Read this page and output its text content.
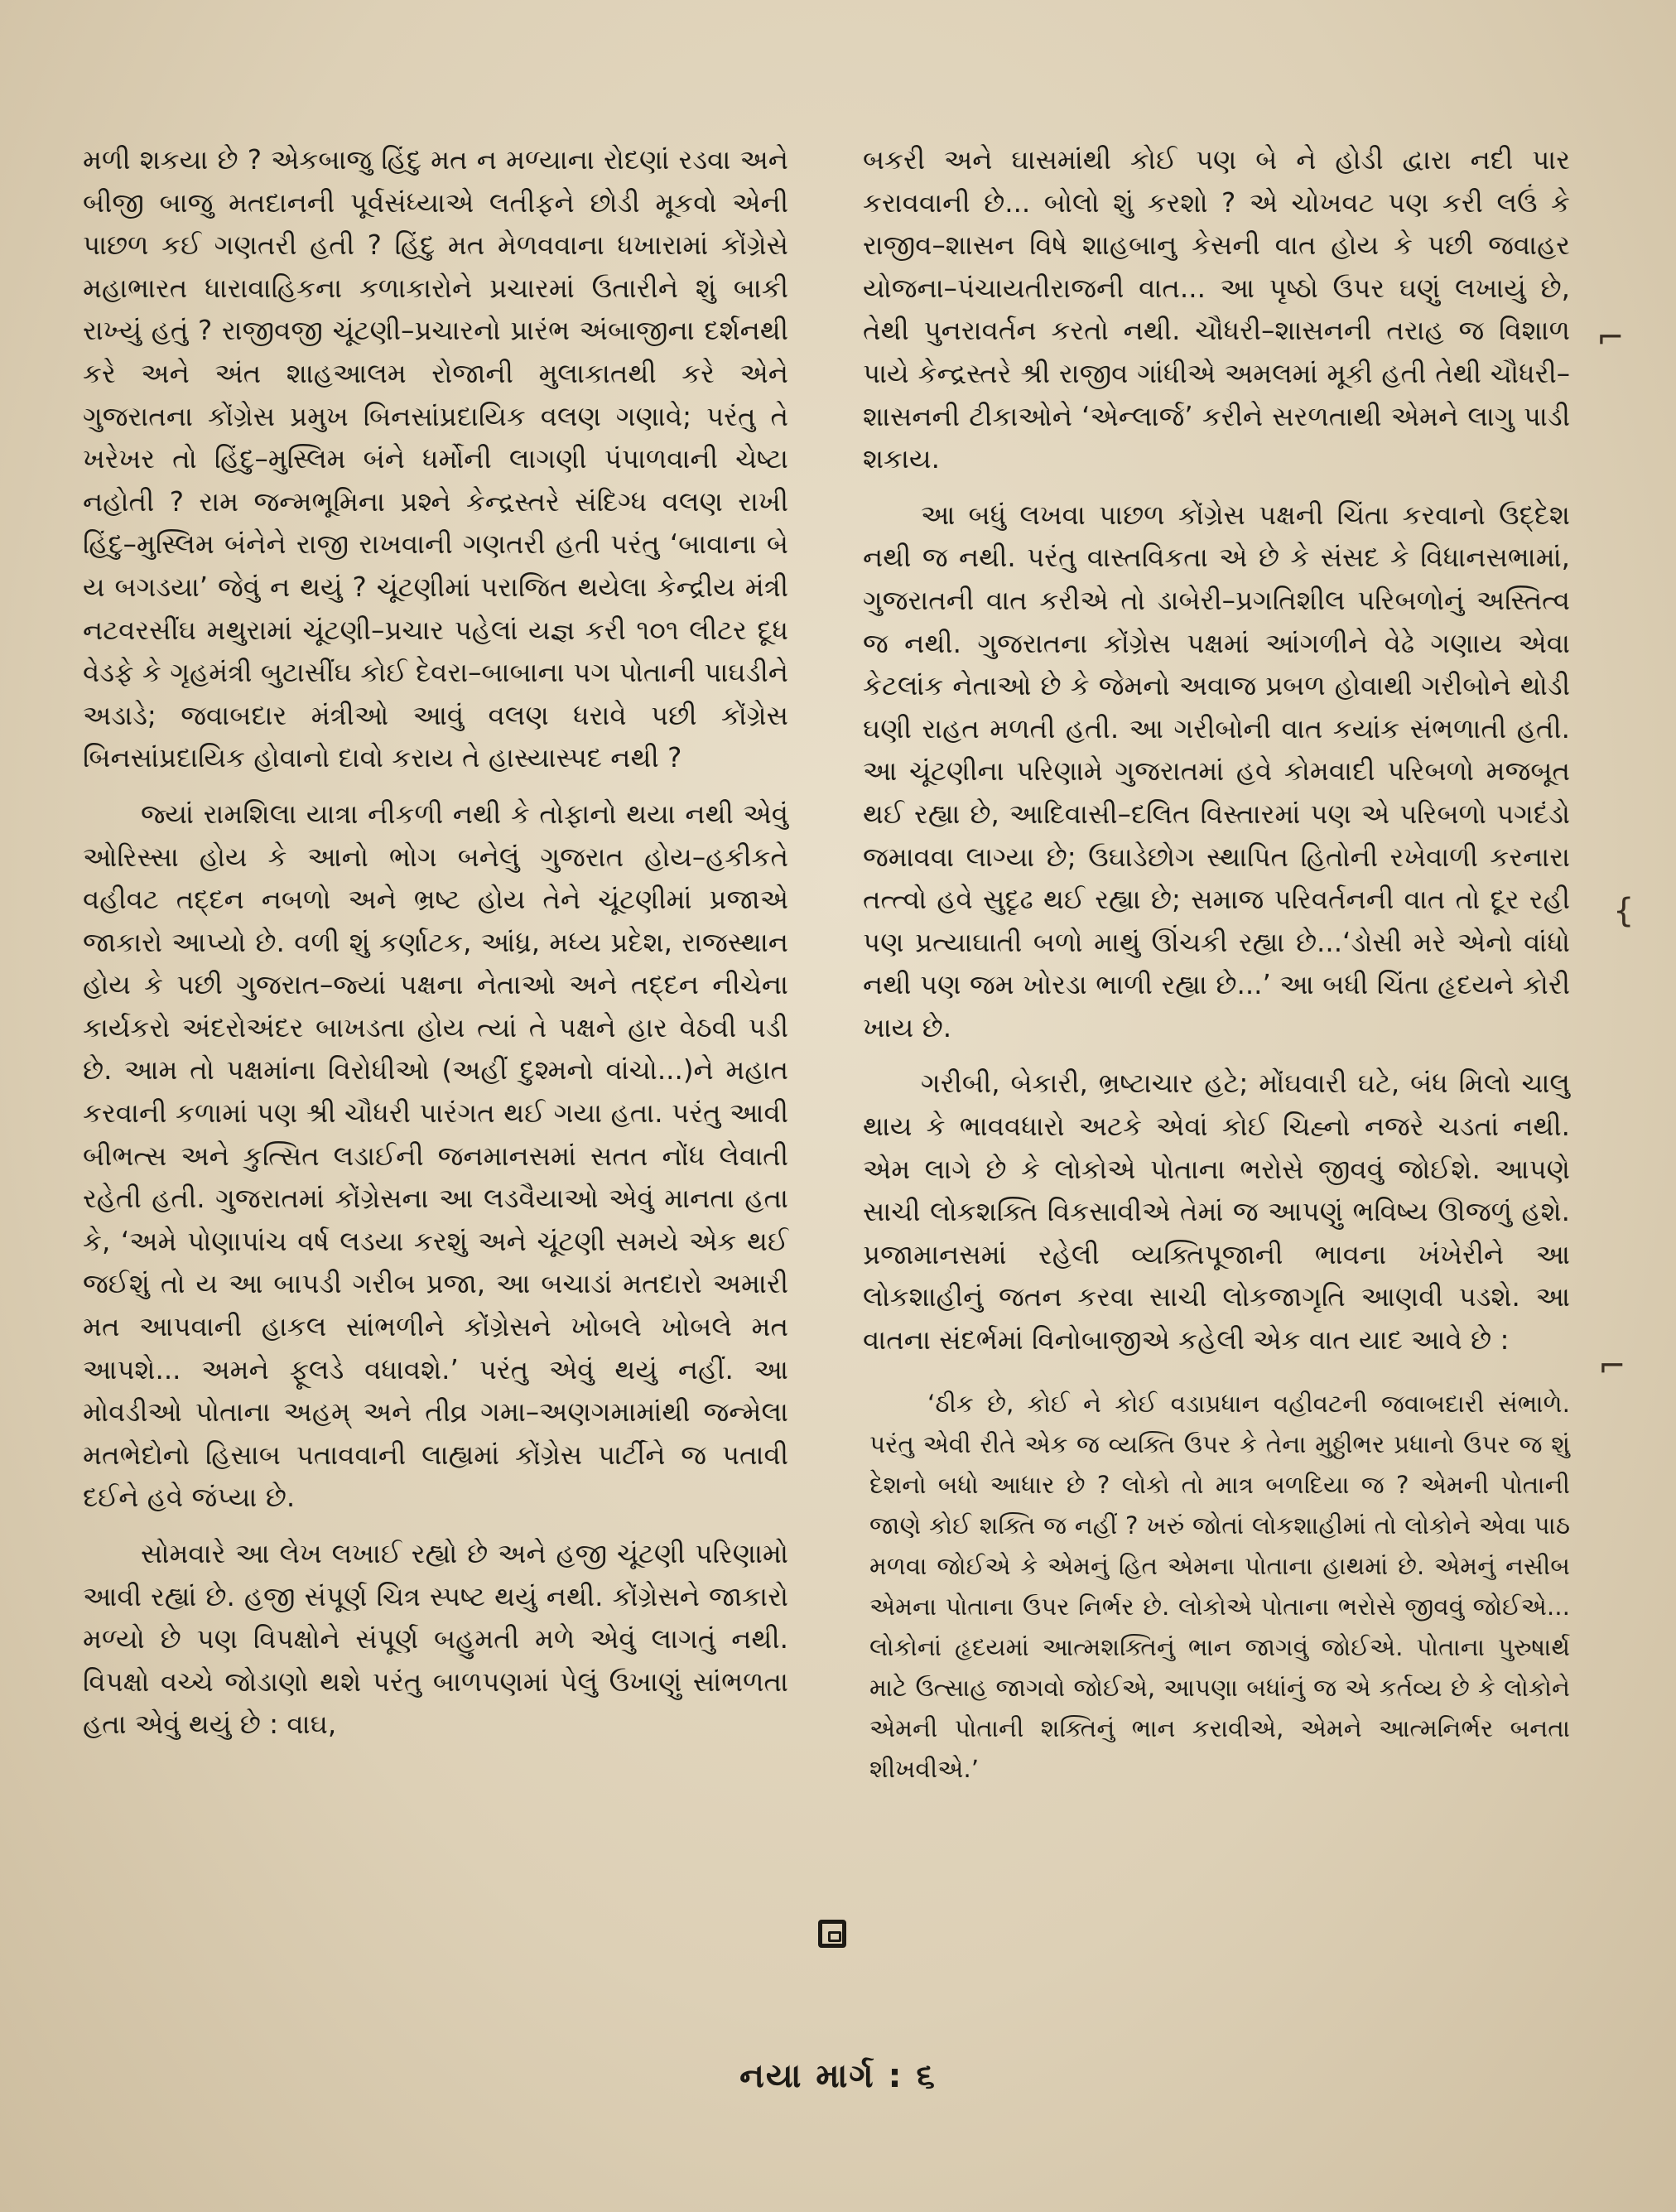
મળી શકયા છે ? એકબાજુ હિંદુ મત ન મળ્યાના રોદણાં રડવા અને બીજી બાજુ મતદાનની પૂર્વસંધ્યાએ લતીફને છોડી મૂકવો એની પાછળ કઈ ગણતરી હતી ? હિંદુ મત મેળવવાના ધખારામાં કોંગ્રેસે મહાભારત ધારાવાહિકના કળાકારોને પ્રચારમાં ઉતારીને શું બાકી રાખ્યું હતું ? રાજીવજી ચૂંટણી–પ્રચારનો પ્રારંભ અંબાજીના દર્શનથી કરે અને અંત શાહઆલમ રોજાની મુલાકાતથી કરે એને ગુજરાતના કોંગ્રેસ પ્રમુખ બિનસાંપ્રદાયિક વલણ ગણાવે; પરંતુ તે ખરેખર તો હિંદુ–મુસ્લિમ બંને ધર્મોની લાગણી પંપાળવાની ચેષ્ટા નહોતી ? રામ જન્મભૂમિના પ્રશ્ને કેન્દ્રસ્તરે સંદિગ્ધ વલણ રાખી હિંદુ–મુસ્લિમ બંનેને રાજી રાખવાની ગણતરી હતી પરંતુ ‘બાવાના બે ય બગડયા’ જેવું ન થયું ? ચૂંટણીમાં પરાજિત થયેલા કેન્દ્રીય મંત્રી નટવરસીંઘ મથુરામાં ચૂંટણી–પ્રચાર પહેલાં યજ્ઞ કરી ૧૦૧ લીટર દૂધ વેડફે કે ગૃહમંત્રી બુટાસીંઘ કોઈ દેવરા–બાબાના પગ પોતાની પાઘડીને અડાડે; જવાબદાર મંત્રીઓ આવું વલણ ધરાવે પછી કોંગ્રેસ બિનસાંપ્રદાયિક હોવાનો દાવો કરાય તે હાસ્યાસ્પદ નથી ?

જ્યાં રામશિલા યાત્રા નીકળી નથી કે તોફાનો થયા નથી એવું ઓરિસ્સા હોય કે આનો ભોગ બનેલું ગુજરાત હોય–હકીકતે વહીવટ તદ્દન નબળો અને ભ્રષ્ટ હોય તેને ચૂંટણીમાં પ્રજાએ જાકારો આપ્યો છે. વળી શું કર્ણાટક, આંધ્ર, મધ્ય પ્રદેશ, રાજસ્થાન હોય કે પછી ગુજરાત–જ્યાં પક્ષના નેતાઓ અને તદ્દન નીચેના કાર્યકરો અંદરોઅંદર બાખડતા હોય ત્યાં તે પક્ષને હાર વેઠવી પડી છે. આમ તો પક્ષમાંના વિરોધીઓ (અહીં દુશ્મનો વાંચો...)ને મહાત કરવાની કળામાં પણ શ્રી ચૌધરી પારંગત થઈ ગયા હતા. પરંતુ આવી બીભત્સ અને કુત્સિત લડાઈની જનમાનસમાં સતત નોંધ લેવાતી રહેતી હતી. ગુજરાતમાં કોંગ્રેસના આ લડવૈયાઓ એવું માનતા હતા કે, ‘અમે પોણાપાંચ વર્ષ લડયા કરશું અને ચૂંટણી સમયે એક થઈ જઈશું તો ય આ બાપડી ગરીબ પ્રજા, આ બચાડાં મતદારો અમારી મત આપવાની હાકલ સાંભળીને કોંગ્રેસને ખોબલે ખોબલે મત આપશે... અમને ફૂલડે વધાવશે.’ પરંતુ એવું થયું નહીં. આ મોવડીઓ પોતાના અહમ્ અને તીવ્ર ગમા–અણગમામાંથી જન્મેલા મતભેદોનો હિસાબ પતાવવાની લાહ્યમાં કોંગ્રેસ પાર્ટીને જ પતાવી દઈને હવે જંપ્યા છે.

સોમવારે આ લેખ લખાઈ રહ્યો છે અને હજી ચૂંટણી પરિણામો આવી રહ્યાં છે. હજી સંપૂર્ણ ચિત્ર સ્પષ્ટ થયું નથી. કોંગ્રેસને જાકારો મળ્યો છે પણ વિપક્ષોને સંપૂર્ણ બહુમતી મળે એવું લાગતું નથી. વિપક્ષો વચ્ચે જોડાણો થશે પરંતુ બાળપણમાં પેલું ઉખાણું સાંભળતા હતા એવું થયું છે : વાઘ,

બકરી અને ઘાસમાંથી કોઈ પણ બે ને હોડી દ્વારા નદી પાર કરાવવાની છે... બોલો શું કરશો ? એ ચોખવટ પણ કરી લઉં કે રાજીવ–શાસન વિષે શાહબાનુ કેસની વાત હોય કે પછી જવાહર યોજના–પંચાયતીરાજની વાત... આ પૃષ્ઠો ઉપર ઘણું લખાયું છે, તેથી પુનરાવર્તન કરતો નથી. ચૌધરી–શાસનની તરાહ જ વિશાળ પાયે કેન્દ્રસ્તરે શ્રી રાજીવ ગાંધીએ અમલમાં મૂકી હતી તેથી ચૌધરી–શાસનની ટીકાઓને ‘એન્લાર્જ’ કરીને સરળતાથી એમને લાગુ પાડી શકાય.

આ બધું લખવા પાછળ કોંગ્રેસ પક્ષની ચિંતા કરવાનો ઉદ્દેશ નથી જ નથી. પરંતુ વાસ્તવિકતા એ છે કે સંસદ કે વિધાનસભામાં, ગુજરાતની વાત કરીએ તો ડાબેરી–પ્રગતિશીલ પરિબળોનું અસ્તિત્વ જ નથી. ગુજરાતના કોંગ્રેસ પક્ષમાં આંગળીને વેઢે ગણાય એવા કેટલાંક નેતાઓ છે કે જેમનો અવાજ પ્રબળ હોવાથી ગરીબોને થોડી ઘણી રાહત મળતી હતી. આ ગરીબોની વાત કયાંક સંભળાતી હતી. આ ચૂંટણીના પરિણામે ગુજરાતમાં હવે કોમવાદી પરિબળો મજબૂત થઈ રહ્યા છે, આદિવાસી–દલિત વિસ્તારમાં પણ એ પરિબળો પગદંડો જમાવવા લાગ્યા છે; ઉઘાડેછોગ સ્થાપિત હિતોની રખેવાળી કરનારા તત્ત્વો હવે સુદૃઢ થઈ રહ્યા છે; સમાજ પરિવર્તનની વાત તો દૂર રહી પણ પ્રત્યાઘાતી બળો માથું ઊંચકી રહ્યા છે...‘ડોસી મરે એનો વાંધો નથી પણ જમ ખોરડા ભાળી રહ્યા છે...’ આ બધી ચિંતા હૃદયને કોરી ખાય છે.

ગરીબી, બેકારી, ભ્રષ્ટાચાર હટે; મોંઘવારી ઘટે, બંધ મિલો ચાલુ થાય કે ભાવવધારો અટકે એવાં કોઈ ચિહ્નો નજરે ચડતાં નથી. એમ લાગે છે કે લોકોએ પોતાના ભરોસે જીવવું જોઈશે. આપણે સાચી લોકશક્તિ વિકસાવીએ તેમાં જ આપણું ભવિષ્ય ઊજળું હશે. પ્રજામાનસમાં રહેલી વ્યક્તિપૂજાની ભાવના ખંખેરીને આ લોકશાહીનું જતન કરવા સાચી લોકજાગૃતિ આણવી પડશે. આ વાતના સંદર્ભમાં વિનોબાજીએ કહેલી એક વાત યાદ આવે છે :

‘ઠીક છે, કોઈ ને કોઈ વડાપ્રધાન વહીવટની જવાબદારી સંભાળે. પરંતુ એવી રીતે એક જ વ્યક્તિ ઉપર કે તેના મુઠ્ઠીભર પ્રધાનો ઉપર જ શું દેશનો બધો આધાર છે ? લોકો તો માત્ર બળદિયા જ ? એમની પોતાની જાણે કોઈ શક્તિ જ નહીં ? ખરું જોતાં લોકશાહીમાં તો લોકોને એવા પાઠ મળવા જોઈએ કે એમનું હિત એમના પોતાના હાથમાં છે. એમનું નસીબ એમના પોતાના ઉપર નિર્ભર છે. લોકોએ પોતાના ભરોસે જીવવું જોઈએ... લોકોનાં હૃદયમાં આત્મશક્તિનું ભાન જાગવું જોઈએ. પોતાના પુરુષાર્થ માટે ઉત્સાહ જાગવો જોઈએ, આપણા બધાંનું જ એ કર્તવ્ય છે કે લોકોને એમની પોતાની શક્તિનું ભાન કરાવીએ, એમને આત્મનિર્ભર બનતા શીખવીએ.’

નયા માર્ગ : ૬
⌐
{
⌐
